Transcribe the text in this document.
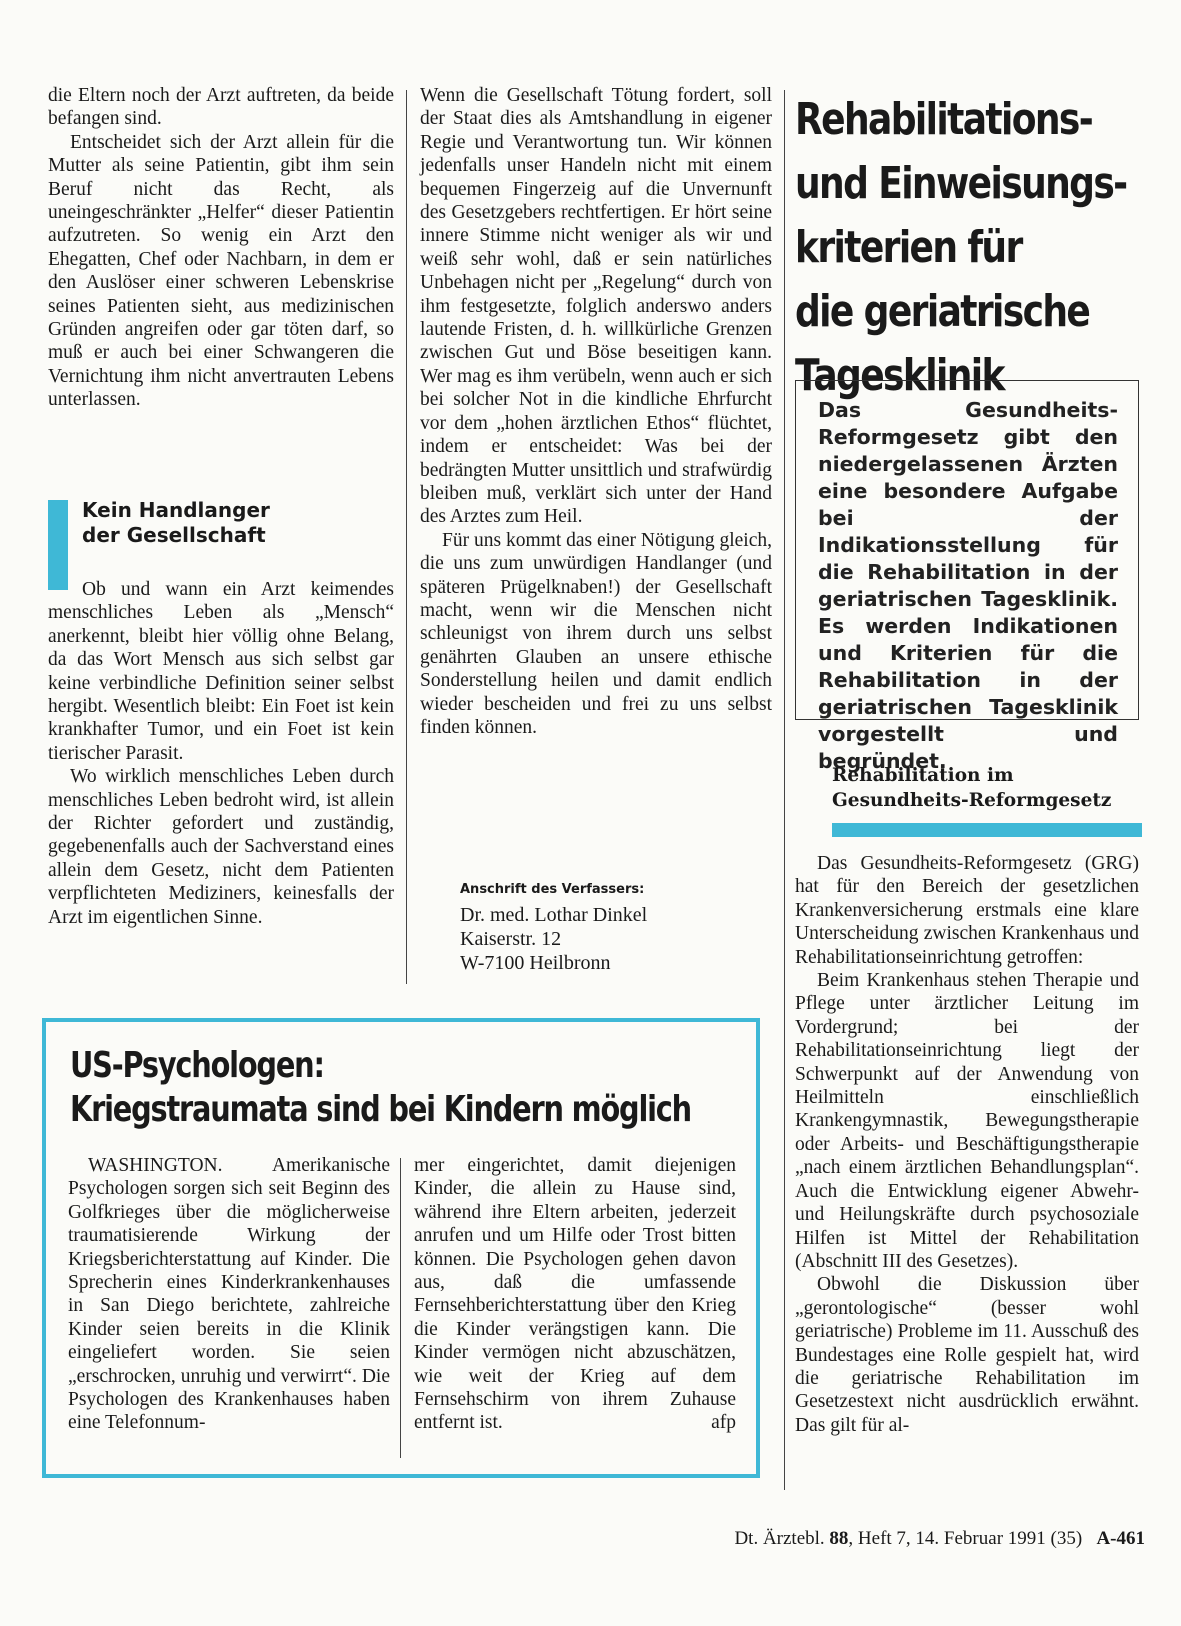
die Eltern noch der Arzt auftreten, da beide befangen sind.

Entscheidet sich der Arzt allein für die Mutter als seine Patientin, gibt ihm sein Beruf nicht das Recht, als uneingeschränkter „Helfer“ dieser Patientin aufzutreten. So wenig ein Arzt den Ehegatten, Chef oder Nachbarn, in dem er den Auslöser einer schweren Lebenskrise seines Patienten sieht, aus medizinischen Gründen angreifen oder gar töten darf, so muß er auch bei einer Schwangeren die Vernichtung ihm nicht anvertrauten Lebens unterlassen.

Kein Handlanger
der Gesellschaft

Ob und wann ein Arzt keimendes menschliches Leben als „Mensch“ anerkennt, bleibt hier völlig ohne Belang, da das Wort Mensch aus sich selbst gar keine verbindliche Definition seiner selbst hergibt. Wesentlich bleibt: Ein Foet ist kein krankhafter Tumor, und ein Foet ist kein tierischer Parasit.

Wo wirklich menschliches Leben durch menschliches Leben bedroht wird, ist allein der Richter gefordert und zuständig, gegebenenfalls auch der Sachverstand eines allein dem Gesetz, nicht dem Patienten verpflichteten Mediziners, keinesfalls der Arzt im eigentlichen Sinne.

Wenn die Gesellschaft Tötung fordert, soll der Staat dies als Amtshandlung in eigener Regie und Verantwortung tun. Wir können jedenfalls unser Handeln nicht mit einem bequemen Fingerzeig auf die Unvernunft des Gesetzgebers rechtfertigen. Er hört seine innere Stimme nicht weniger als wir und weiß sehr wohl, daß er sein natürliches Unbehagen nicht per „Regelung“ durch von ihm festgesetzte, folglich anderswo anders lautende Fristen, d. h. willkürliche Grenzen zwischen Gut und Böse beseitigen kann. Wer mag es ihm verübeln, wenn auch er sich bei solcher Not in die kindliche Ehrfurcht vor dem „hohen ärztlichen Ethos“ flüchtet, indem er entscheidet: Was bei der bedrängten Mutter unsittlich und strafwürdig bleiben muß, verklärt sich unter der Hand des Arztes zum Heil.

Für uns kommt das einer Nötigung gleich, die uns zum unwürdigen Handlanger (und späteren Prügelknaben!) der Gesellschaft macht, wenn wir die Menschen nicht schleunigst von ihrem durch uns selbst genährten Glauben an unsere ethische Sonderstellung heilen und damit endlich wieder bescheiden und frei zu uns selbst finden können.

Anschrift des Verfassers:
Dr. med. Lothar Dinkel
Kaiserstr. 12
W-7100 Heilbronn
Rehabilitations-
und Einweisungs-
kriterien für
die geriatrische
Tagesklinik
Das Gesundheits-Reformgesetz gibt den niedergelassenen Ärzten eine besondere Aufgabe bei der Indikationsstellung für die Rehabilitation in der geriatrischen Tagesklinik. Es werden Indikationen und Kriterien für die Rehabilitation in der geriatrischen Tagesklinik vorgestellt und begründet.
Rehabilitation im
Gesundheits-Reformgesetz

Das Gesundheits-Reformgesetz (GRG) hat für den Bereich der gesetzlichen Krankenversicherung erstmals eine klare Unterscheidung zwischen Krankenhaus und Rehabilitationseinrichtung getroffen:

Beim Krankenhaus stehen Therapie und Pflege unter ärztlicher Leitung im Vordergrund; bei der Rehabilitationseinrichtung liegt der Schwerpunkt auf der Anwendung von Heilmitteln einschließlich Krankengymnastik, Bewegungstherapie oder Arbeits- und Beschäftigungstherapie „nach einem ärztlichen Behandlungsplan“. Auch die Entwicklung eigener Abwehr- und Heilungskräfte durch psychosoziale Hilfen ist Mittel der Rehabilitation (Abschnitt III des Gesetzes).

Obwohl die Diskussion über „gerontologische“ (besser wohl geriatrische) Probleme im 11. Ausschuß des Bundestages eine Rolle gespielt hat, wird die geriatrische Rehabilitation im Gesetzestext nicht ausdrücklich erwähnt. Das gilt für al-

US-Psychologen:
Kriegstraumata sind bei Kindern möglich

WASHINGTON. Amerikanische Psychologen sorgen sich seit Beginn des Golfkrieges über die möglicherweise traumatisierende Wirkung der Kriegsberichterstattung auf Kinder. Die Sprecherin eines Kinderkrankenhauses in San Diego berichtete, zahlreiche Kinder seien bereits in die Klinik eingeliefert worden. Sie seien „erschrocken, unruhig und verwirrt“. Die Psychologen des Krankenhauses haben eine Telefonnum-

mer eingerichtet, damit diejenigen Kinder, die allein zu Hause sind, während ihre Eltern arbeiten, jederzeit anrufen und um Hilfe oder Trost bitten können. Die Psychologen gehen davon aus, daß die umfassende Fernsehberichterstattung über den Krieg die Kinder verängstigen kann. Die Kinder vermögen nicht abzuschätzen, wie weit der Krieg auf dem Fernsehschirm von ihrem Zuhause entfernt ist.	afp
Dt. Ärztebl. 88, Heft 7, 14. Februar 1991 (35) A-461
